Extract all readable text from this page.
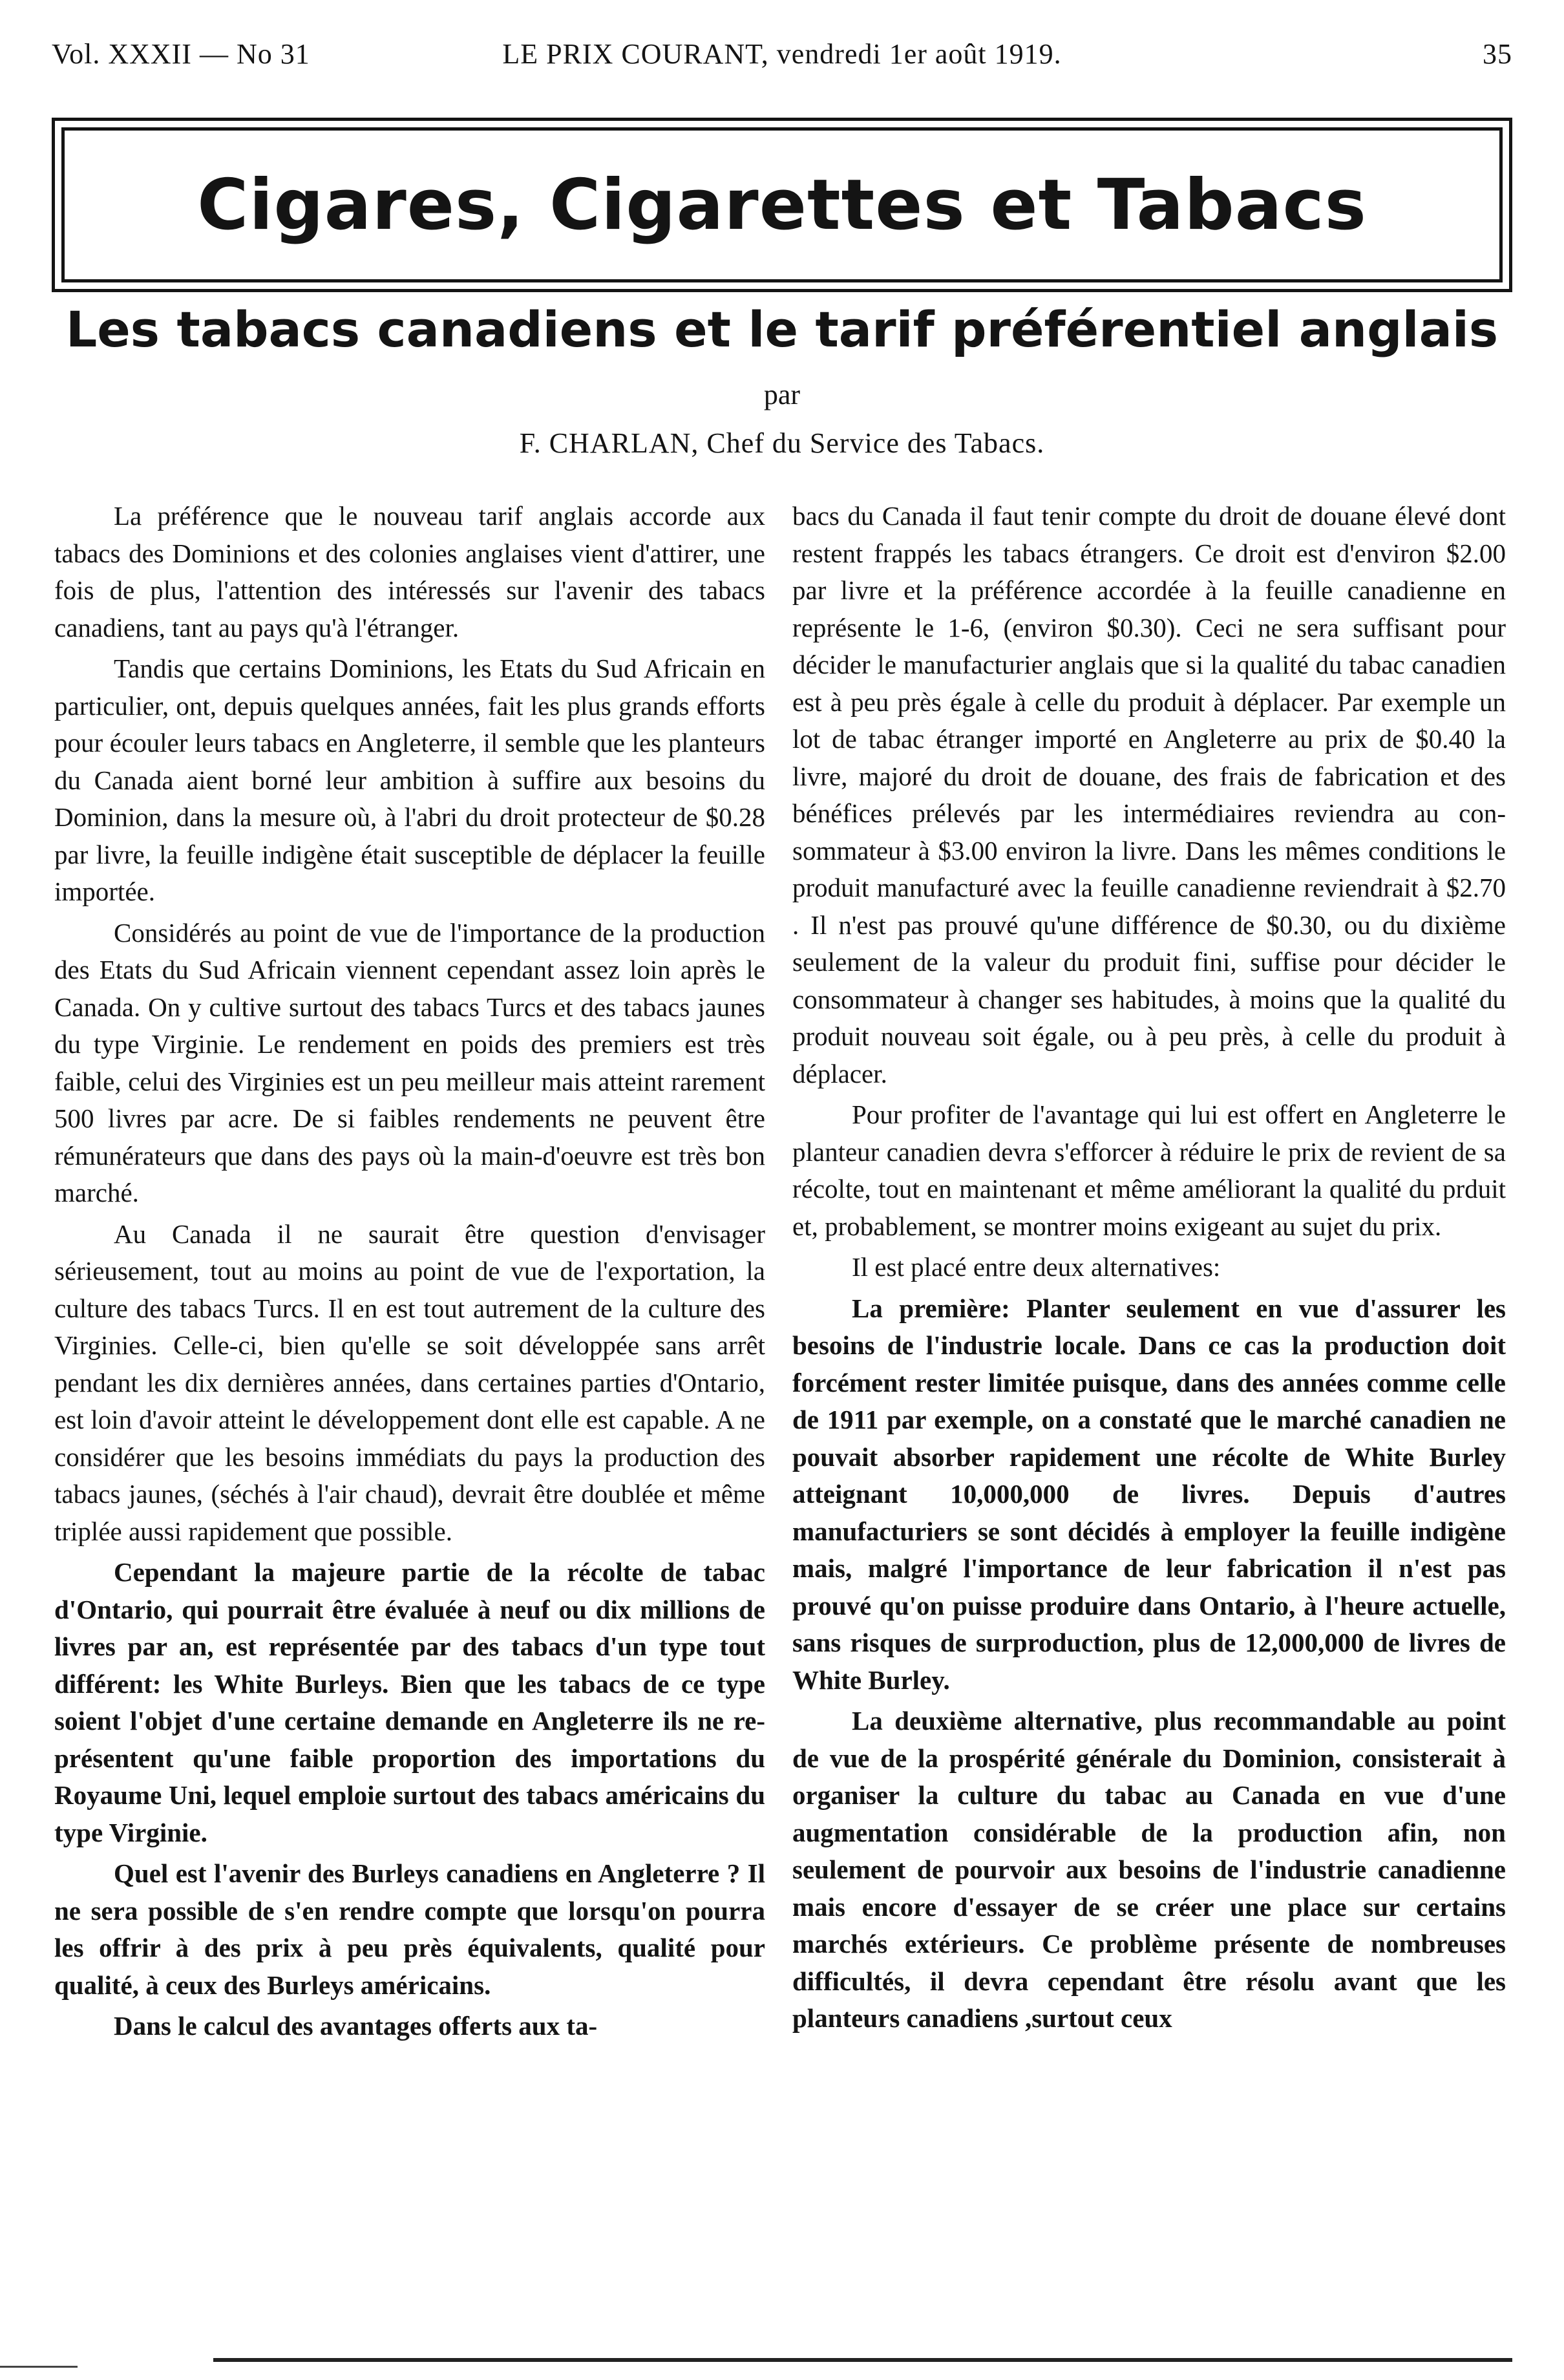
Vol. XXXII — No 31	LE PRIX COURANT, vendredi 1er août 1919.	35
Cigares, Cigarettes et Tabacs
Les tabacs canadiens et le tarif préférentiel anglais
par
F. CHARLAN, Chef du Service des Tabacs.

La préférence que le nouveau tarif anglais accorde aux tabacs des Dominions et des colonies anglaises vient d'attirer, une fois de plus, l'attention des intéressés sur l'avenir des tabacs canadiens, tant au pays qu'à l'étranger.

Tandis que certains Dominions, les Etats du Sud Africain en particulier, ont, depuis quelques années, fait les plus grands efforts pour écouler leurs tabacs en Angleterre, il semble que les planteurs du Canada aient borné leur ambition à suffire aux besoins du Dominion, dans la mesure où, à l'abri du droit protecteur de $0.28 par livre, la feuille indigène était susceptible de déplacer la feuille importée.

Considérés au point de vue de l'importance de la production des Etats du Sud Africain viennent cependant assez loin après le Canada. On y cultive surtout des tabacs Turcs et des tabacs jaunes du type Virginie. Le rendement en poids des premiers est très faible, celui des Virginies est un peu meilleur mais atteint rarement 500 livres par acre. De si faibles rendements ne peuvent être rémunérateurs que dans des pays où la main-d'oeuvre est très bon marché.

Au Canada il ne saurait être question d'envisager sérieusement, tout au moins au point de vue de l'exportation, la culture des tabacs Turcs. Il en est tout autrement de la culture des Virginies. Celle-ci, bien qu'elle se soit développée sans arrêt pendant les dix dernières années, dans certaines parties d'Ontario, est loin d'avoir atteint le développement dont elle est capable. A ne considérer que les besoins immédiats du pays la production des tabacs jaunes, (séchés à l'air chaud), devrait être doublée et même triplée aussi rapidement que possible.

Cependant la majeure partie de la récolte de tabac d'Ontario, qui pourrait être évaluée à neuf ou dix millions de livres par an, est représentée par des tabacs d'un type tout différent: les White Burleys. Bien que les tabacs de ce type soient l'objet d'une certaine demande en Angleterre ils ne représentent qu'une faible proportion des importations du Royaume Uni, lequel emploie surtout des tabacs américains du type Virginie.

Quel est l'avenir des Burleys canadiens en Angleterre ? Il ne sera possible de s'en rendre compte que lorsqu'on pourra les offrir à des prix à peu près équivalents, qualité pour qualité, à ceux des Burleys américains.

Dans le calcul des avantages offerts aux ta-

bacs du Canada il faut tenir compte du droit de douane élevé dont restent frappés les tabacs étrangers. Ce droit est d'environ $2.00 par livre et la préférence accordée à la feuille canadienne en représente le 1-6, (environ $0.30). Ceci ne sera suffisant pour décider le manufacturier anglais que si la qualité du tabac canadien est à peu près égale à celle du produit à déplacer. Par exemple un lot de tabac étranger importé en Angleterre au prix de $0.40 la livre, majoré du droit de douane, des frais de fabrication et des bénéfices prélevés par les intermédiaires reviendra au consommateur à $3.00 environ la livre. Dans les mêmes conditions le produit manufacturé avec la feuille canadienne reviendrait à $2.70 . Il n'est pas prouvé qu'une différence de $0.30, ou du dixième seulement de la valeur du produit fini, suffise pour décider le consommateur à changer ses habitudes, à moins que la qualité du produit nouveau soit égale, ou à peu près, à celle du produit à déplacer.

Pour profiter de l'avantage qui lui est offert en Angleterre le planteur canadien devra s'efforcer à réduire le prix de revient de sa récolte, tout en maintenant et même améliorant la qualité du prduit et, probablement, se montrer moins exigeant au sujet du prix.

Il est placé entre deux alternatives:

La première: Planter seulement en vue d'assurer les besoins de l'industrie locale. Dans ce cas la production doit forcément rester limitée puisque, dans des années comme celle de 1911 par exemple, on a constaté que le marché canadien ne pouvait absorber rapidement une récolte de White Burley atteignant 10,000,000 de livres. Depuis d'autres manufacturiers se sont décidés à employer la feuille indigène mais, malgré l'importance de leur fabrication il n'est pas prouvé qu'on puisse produire dans Ontario, à l'heure actuelle, sans risques de surproduction, plus de 12,000,000 de livres de White Burley.

La deuxième alternative, plus recommandable au point de vue de la prospérité générale du Dominion, consisterait à organiser la culture du tabac au Canada en vue d'une augmentation considérable de la production afin, non seulement de pourvoir aux besoins de l'industrie canadienne mais encore d'essayer de se créer une place sur certains marchés extérieurs. Ce problème présente de nombreuses difficultés, il devra cependant être résolu avant que les planteurs canadiens ,surtout ceux
